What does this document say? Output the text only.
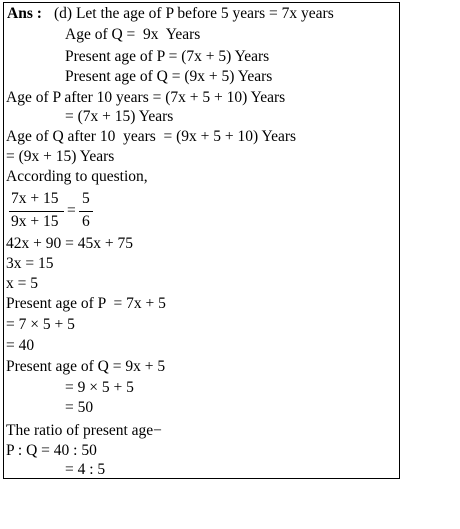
Ans : (d) Let the age of P before 5 years = 7x years
Age of Q =  9x  Years
Present age of P = (7x + 5) Years
Present age of Q = (9x + 5) Years
Age of P after 10 years = (7x + 5 + 10) Years
= (7x + 15) Years
Age of Q after 10  years  = (9x + 5 + 10) Years
= (9x + 15) Years
According to question,
7x + 15
9x + 15
=
5
6
42x + 90 = 45x + 75
3x = 15
x = 5
Present age of P  = 7x + 5
= 7 × 5 + 5
= 40
Present age of Q = 9x + 5
= 9 × 5 + 5
= 50
The ratio of present age−
P : Q = 40 : 50
= 4 : 5
